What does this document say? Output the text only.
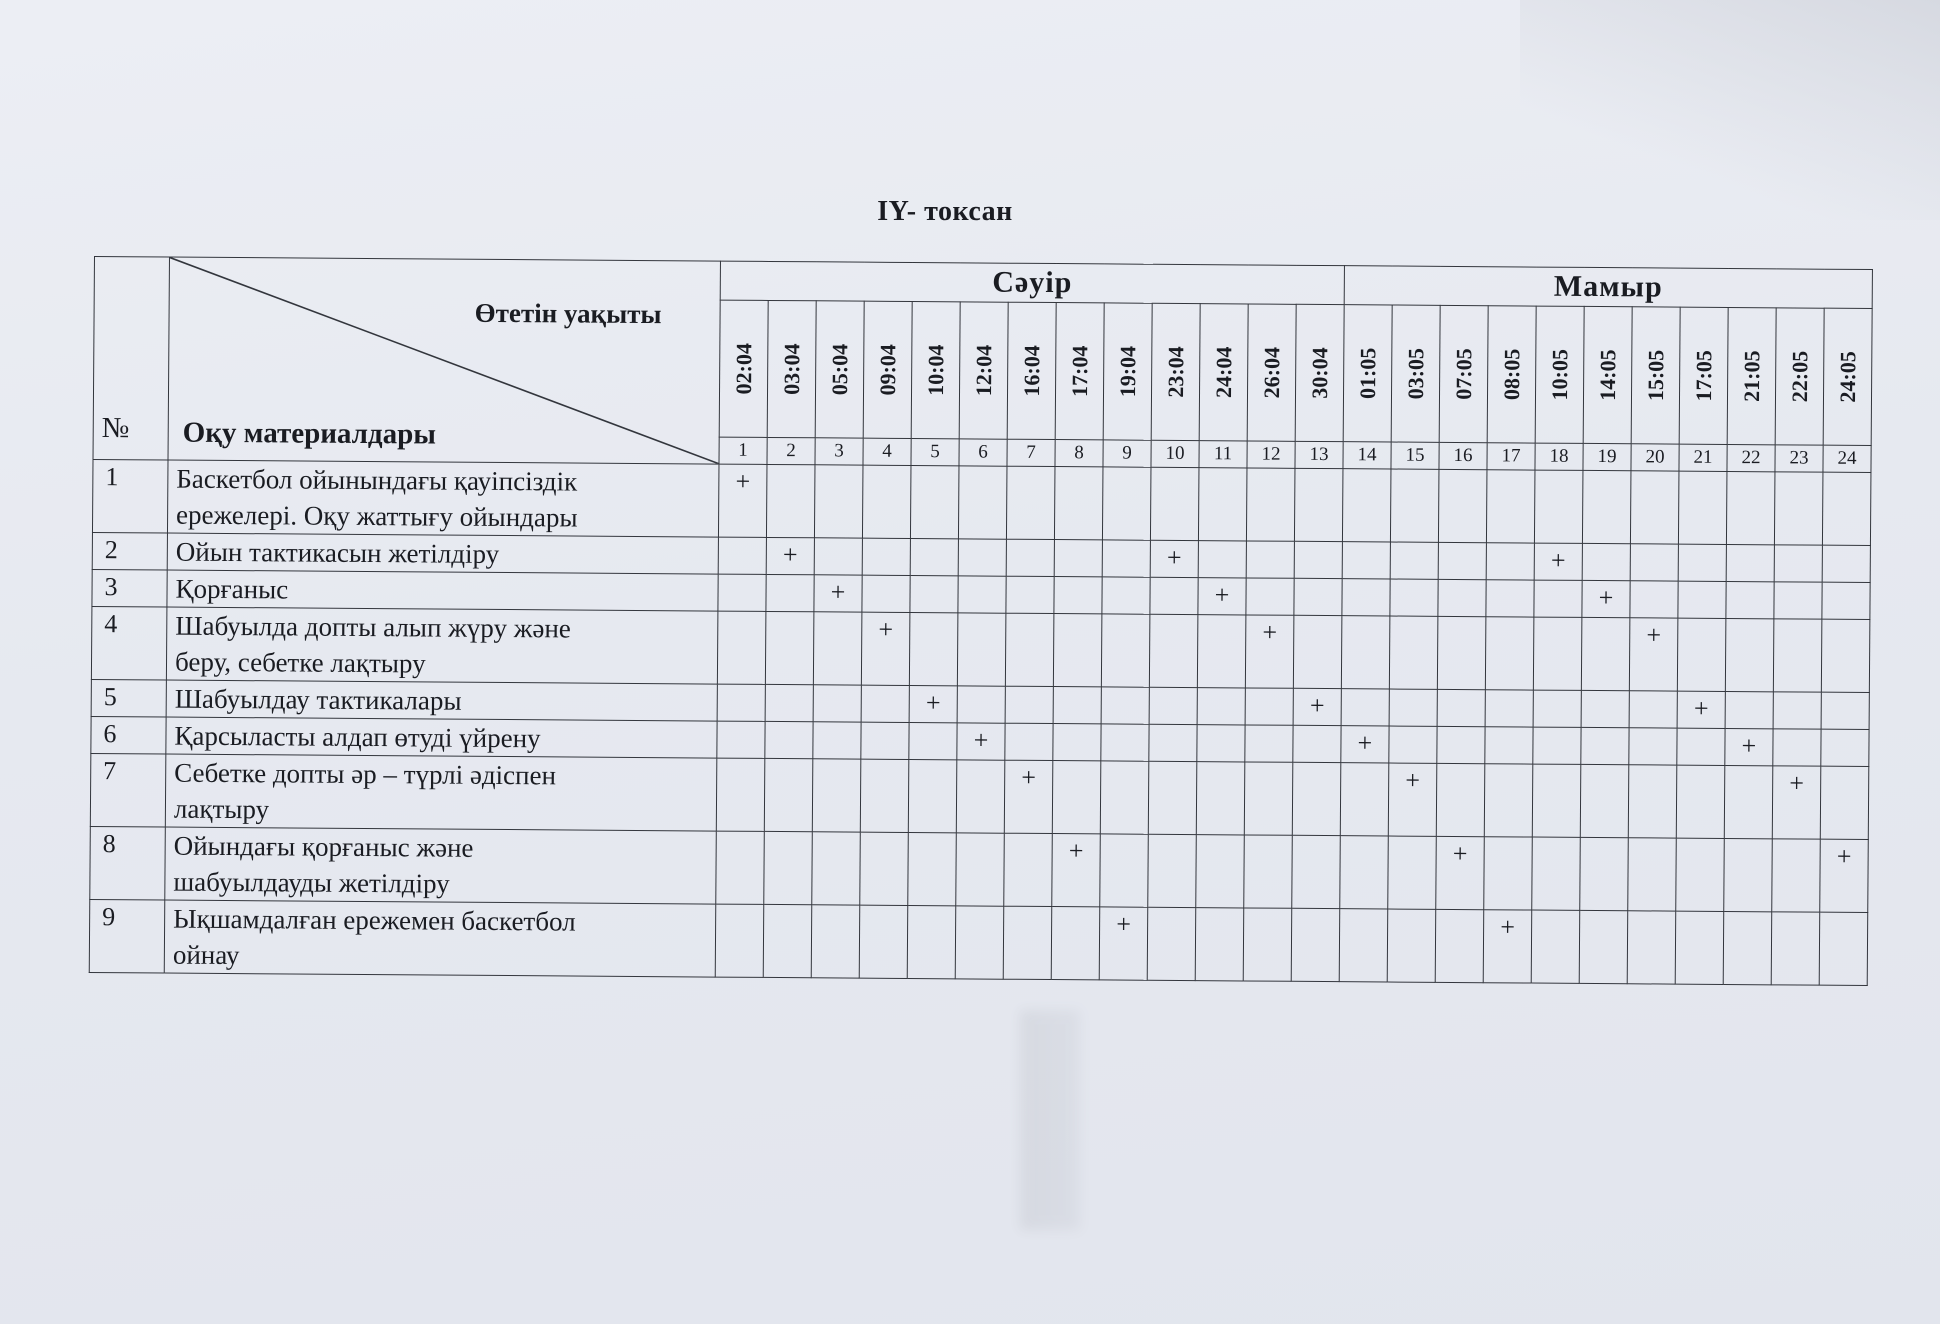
IY- токсан
№	Өтетін уақыты
Оқу материалдары	Сәуір													Мамыр										

		02:04	03:04	05:04	09:04	10:04	12:04	16:04	17:04	19:04	23:04	24:04	26:04	30:04	01:05	03:05	07:05	08:05	10:05	14:05	15:05	17:05	21:05	22:05	24:05

		1	2	3	4	5	6	7	8	9	10	11	12	13	14	15	16	17	18	19	20	21	22	23	24
1	Баскетбол ойынындағы қауіпсіздік
ережелері. Оқу жаттығу ойындары	+																							
2	Ойын тактикасын жетілдіру		+								+								+						
3	Қорғаныс			+								+								+					
4	Шабуылда допты алып жүру және
беру, себетке лақтыру				+								+								+				
5	Шабуылдау тактикалары					+								+								+			
6	Қарсыласты алдап өтуді үйрену						+								+								+		
7	Себетке допты әр – түрлі әдіспен
лақтыру							+								+								+	
8	Ойындағы қорғаныс және
шабуылдауды жетілдіру								+								+								+
9	Ықшамдалған ережемен баскетбол
ойнау									+								+							
